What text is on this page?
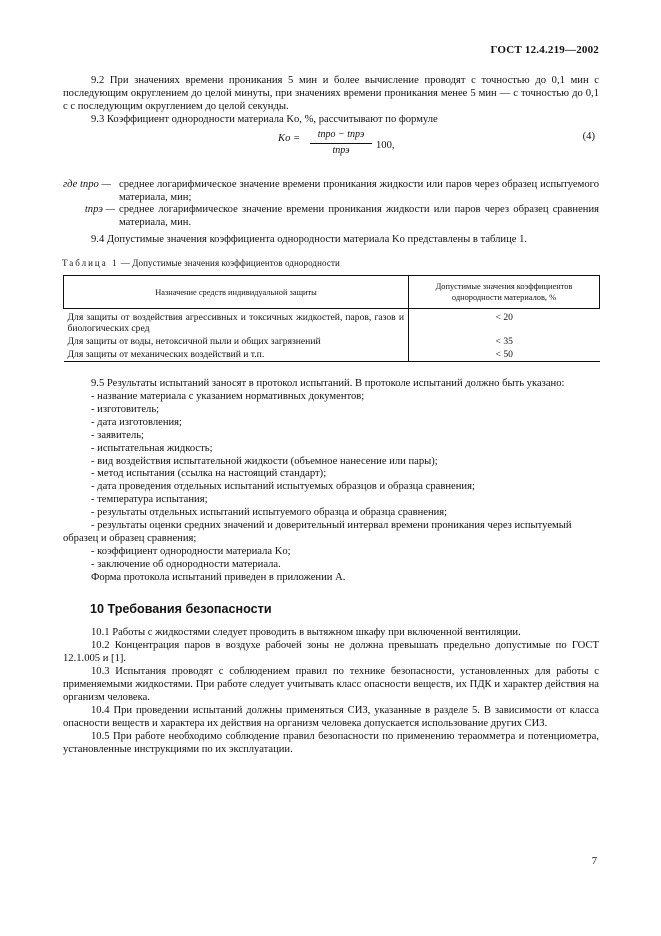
ГОСТ 12.4.219—2002

9.2 При значениях времени проникания 5 мин и более вычисление проводят с точностью до 0,1 мин с последующим округлением до целой минуты, при значениях времени проникания менее 5 мин — с точностью до 0,1 с с последующим округлением до целой секунды.

9.3 Коэффициент однородности материала Kо, %, рассчитывают по формуле

Kо =	tпро − tпрэ
tпрэ	100,
(4)
где tпро — среднее логарифмическое значение времени проникания жидкости или паров через образец испытуемого материала, мин;
tпрэ — среднее логарифмическое значение времени проникания жидкости или паров через образец сравнения материала, мин.

9.4 Допустимые значения коэффициента однородности материала Kо представлены в таблице 1.

Таблица 1 — Допустимые значения коэффициентов однородности
Назначение средств индивидуальной защиты	Допустимые значения коэффициентов однородности материалов, %
Для защиты от воздействия агрессивных и токсичных жидкостей, паров, газов и биологических сред	< 20
Для защиты от воды, нетоксичной пыли и общих загрязнений	< 35
Для защиты от механических воздействий и т.п.	< 50

9.5 Результаты испытаний заносят в протокол испытаний. В протоколе испытаний должно быть указано:

- название материала с указанием нормативных документов;
- изготовитель;
- дата изготовления;
- заявитель;
- испытательная жидкость;
- вид воздействия испытательной жидкости (объемное нанесение или пары);
- метод испытания (ссылка на настоящий стандарт);
- дата проведения отдельных испытаний испытуемых образцов и образца сравнения;
- температура испытания;
- результаты отдельных испытаний испытуемого образца и образца сравнения;
- результаты оценки средних значений и доверительный интервал времени проникания через испытуемый образец и образец сравнения;
- коэффициент однородности материала Kо;
- заключение об однородности материала.

Форма протокола испытаний приведен в приложении А.

10 Требования безопасности

10.1 Работы с жидкостями следует проводить в вытяжном шкафу при включенной вентиляции.

10.2 Концентрация паров в воздухе рабочей зоны не должна превышать предельно допустимые по ГОСТ 12.1.005 и [1].

10.3 Испытания проводят с соблюдением правил по технике безопасности, установленных для работы с применяемыми жидкостями. При работе следует учитывать класс опасности веществ, их ПДК и характер действия на организм человека.

10.4 При проведении испытаний должны применяться СИЗ, указанные в разделе 5. В зависимости от класса опасности веществ и характера их действия на организм человека допускается использование других СИЗ.

10.5 При работе необходимо соблюдение правил безопасности по применению тераомметра и потенциометра, установленные инструкциями по их эксплуатации.

7
